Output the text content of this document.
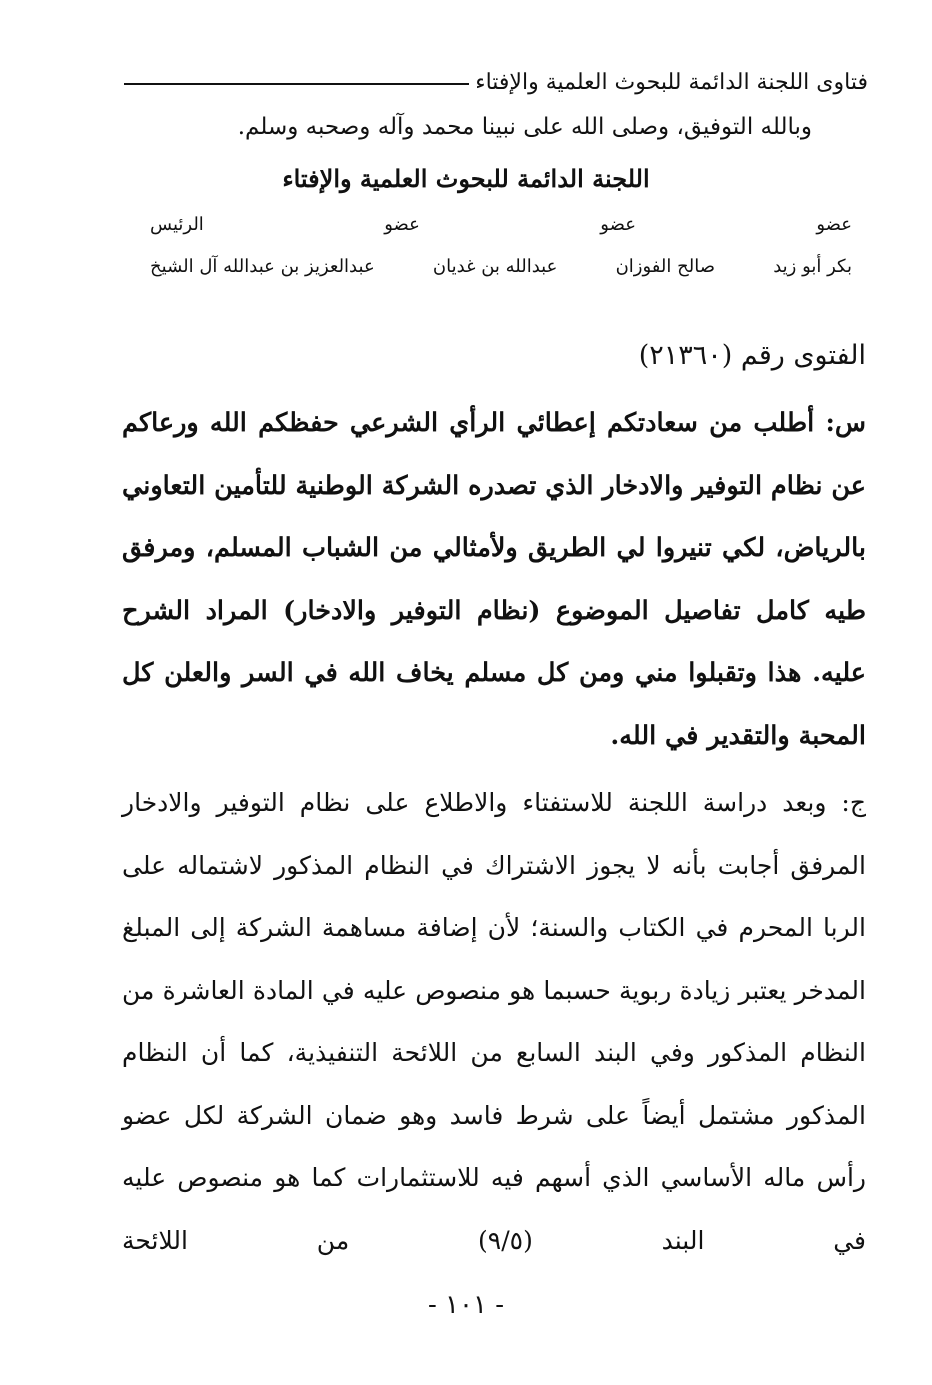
فتاوى اللجنة الدائمة للبحوث العلمية والإفتاء
وبالله التوفيق، وصلى الله على نبينا محمد وآله وصحبه وسلم.
اللجنة الدائمة للبحوث العلمية والإفتاء
عضو
عضو
عضو
الرئيس
بكر أبو زيد
صالح الفوزان
عبدالله بن غديان
عبدالعزيز بن عبدالله آل الشيخ
الفتوى رقم (٢١٣٦٠)
س: أطلب من سعادتكم إعطائي الرأي الشرعي حفظكم الله ورعاكم عن نظام التوفير والادخار الذي تصدره الشركة الوطنية للتأمين التعاوني بالرياض، لكي تنيروا لي الطريق ولأمثالي من الشباب المسلم، ومرفق طيه كامل تفاصيل الموضوع (نظام التوفير والادخار) المراد الشرح عليه. هذا وتقبلوا مني ومن كل مسلم يخاف الله في السر والعلن كل المحبة والتقدير في الله.
ج: وبعد دراسة اللجنة للاستفتاء والاطلاع على نظام التوفير والادخار المرفق أجابت بأنه لا يجوز الاشتراك في النظام المذكور لاشتماله على الربا المحرم في الكتاب والسنة؛ لأن إضافة مساهمة الشركة إلى المبلغ المدخر يعتبر زيادة ربوية حسبما هو منصوص عليه في المادة العاشرة من النظام المذكور وفي البند السابع من اللائحة التنفيذية، كما أن النظام المذكور مشتمل أيضاً على شرط فاسد وهو ضمان الشركة لكل عضو رأس ماله الأساسي الذي أسهم فيه للاستثمارات كما هو منصوص عليه في البند (٩/٥) من اللائحة
- ١٠١ -
